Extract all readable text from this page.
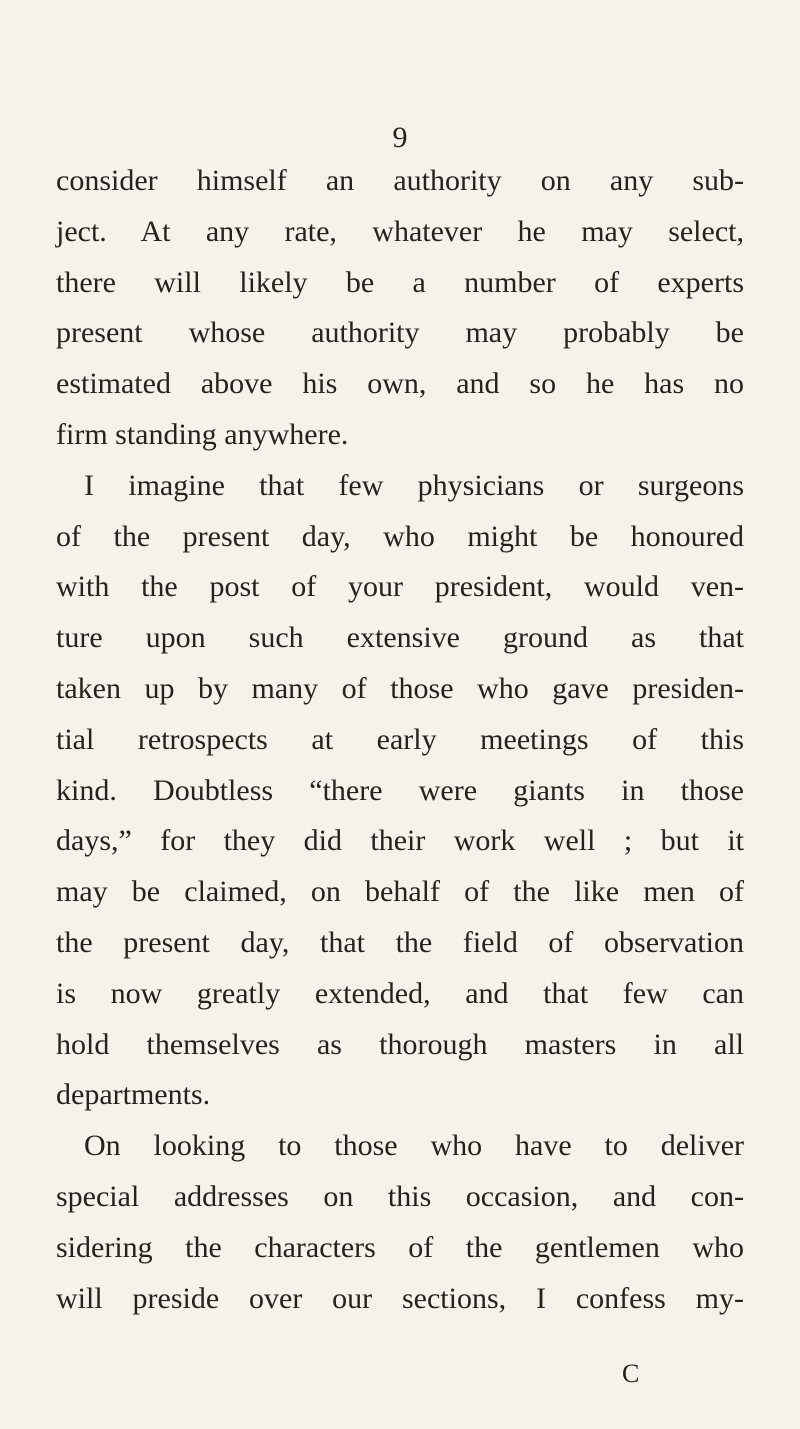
9
consider himself an authority on any sub-
ject. At any rate, whatever he may select,
there will likely be a number of experts
present whose authority may probably be
estimated above his own, and so he has no
firm standing anywhere.
I imagine that few physicians or surgeons
of the present day, who might be honoured
with the post of your president, would ven-
ture upon such extensive ground as that
taken up by many of those who gave presiden-
tial retrospects at early meetings of this
kind. Doubtless “there were giants in those
days,” for they did their work well ; but it
may be claimed, on behalf of the like men of
the present day, that the field of observation
is now greatly extended, and that few can
hold themselves as thorough masters in all
departments.
On looking to those who have to deliver
special addresses on this occasion, and con-
sidering the characters of the gentlemen who
will preside over our sections, I confess my-
C
